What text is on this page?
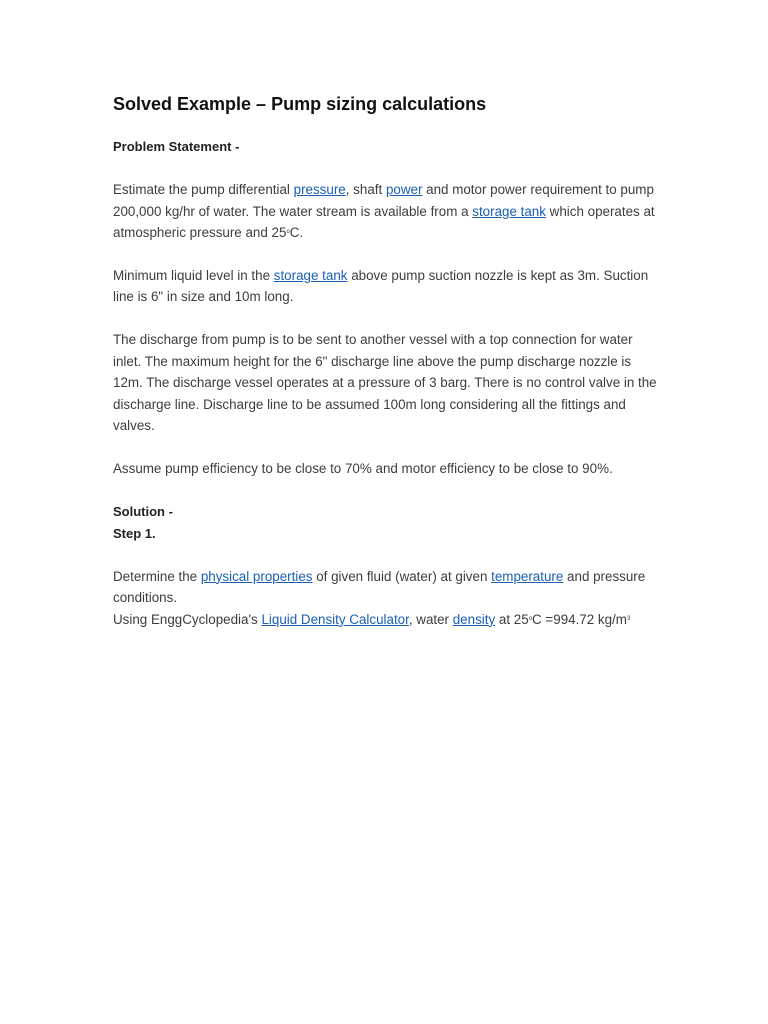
Solved Example – Pump sizing calculations
Problem Statement -

Estimate the pump differential pressure, shaft power and motor power requirement to pump 200,000 kg/hr of water. The water stream is available from a storage tank which operates at atmospheric pressure and 25$^o$C.

Minimum liquid level in the storage tank above pump suction nozzle is kept as 3m. Suction line is 6" in size and 10m long.

The discharge from pump is to be sent to another vessel with a top connection for water inlet. The maximum height for the 6" discharge line above the pump discharge nozzle is 12m. The discharge vessel operates at a pressure of 3 barg. There is no control valve in the discharge line. Discharge line to be assumed 100m long considering all the fittings and valves.

Assume pump efficiency to be close to 70% and motor efficiency to be close to 90%.

Solution -
Step 1.

Determine the physical properties of given fluid (water) at given temperature and pressure conditions.

Using EnggCyclopedia's Liquid Density Calculator, water density at $25^oC =994.72$ $kg/m^3$
